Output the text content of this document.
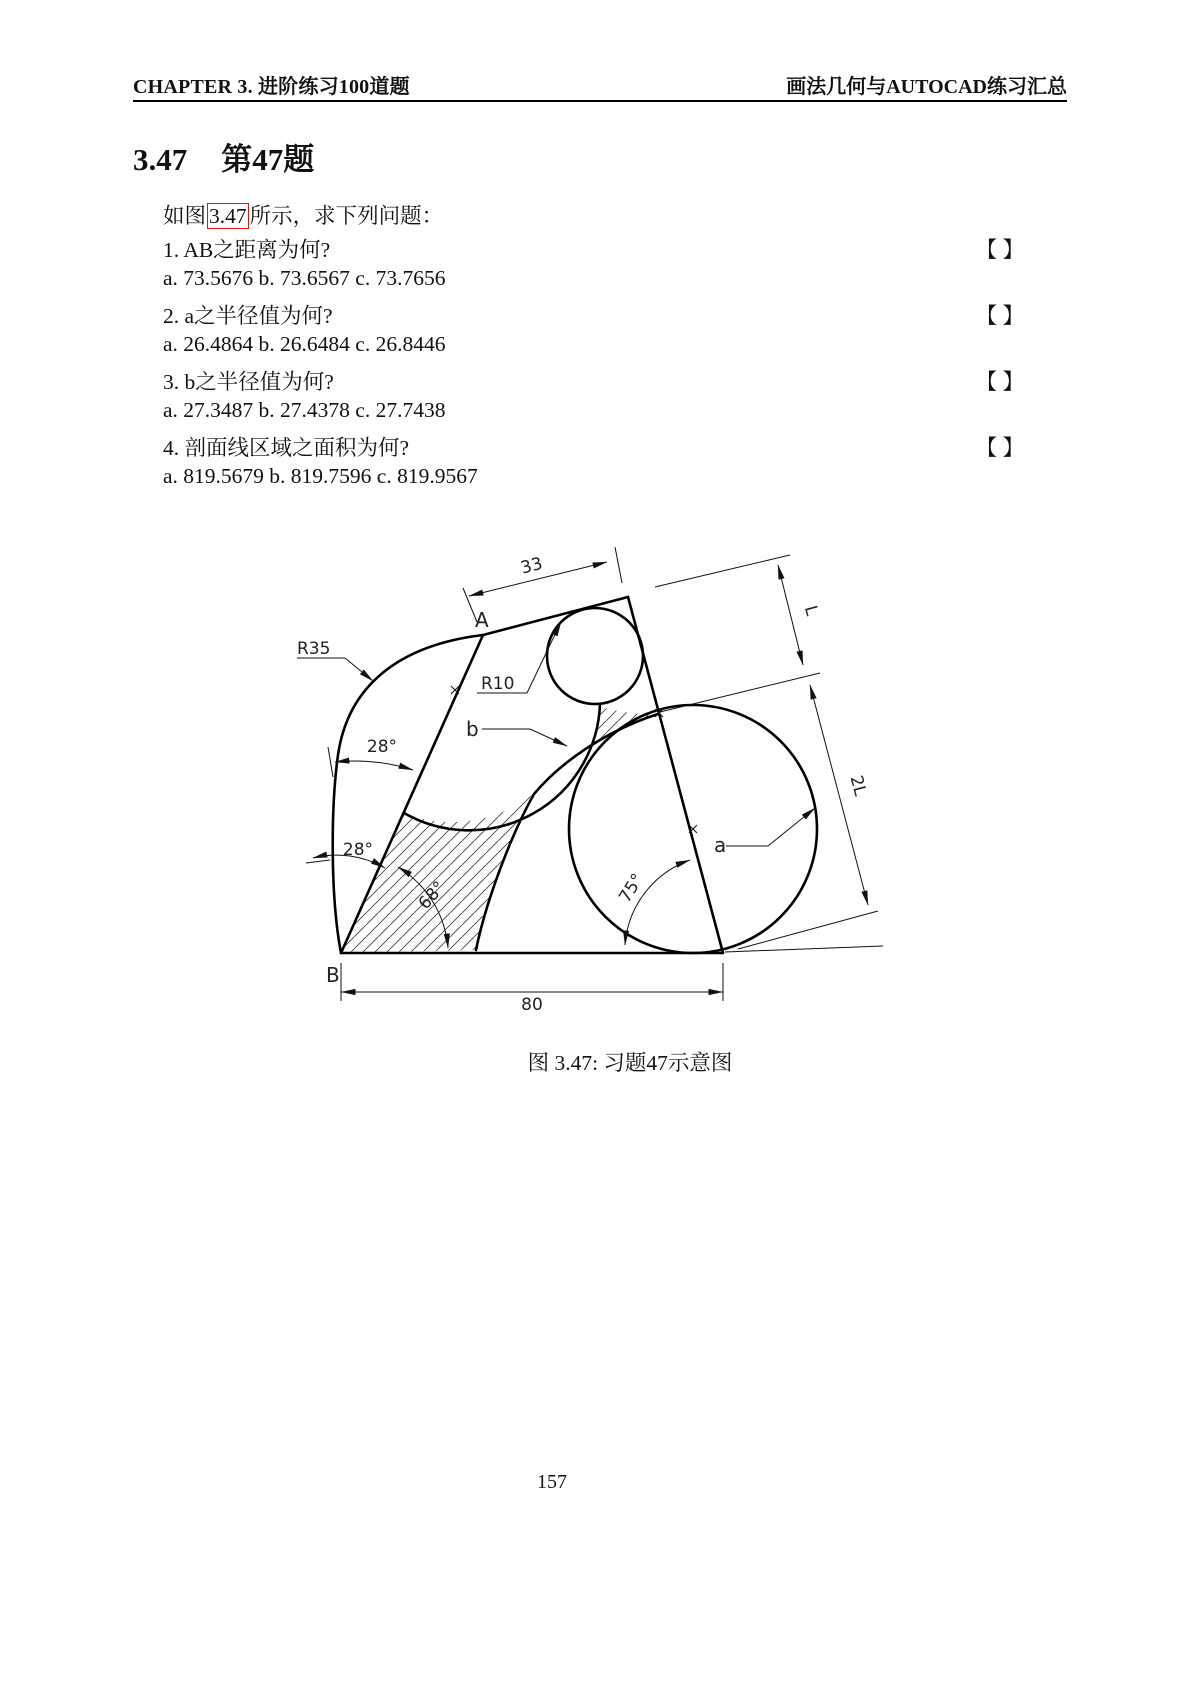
CHAPTER 3. 进阶练习100道题	画法几何与AUTOCAD练习汇总
3.47 第47题
如图 3.47 所示，求下列问题：
1. AB之距离为何?	【 】
a. 73.5676 b. 73.6567 c. 73.7656
2. a之半径值为何?	【 】
a. 26.4864 b. 26.6484 c. 26.8446
3. b之半径值为何?	【 】
a. 27.3487 b. 27.4378 c. 27.7438
4. 剖面线区域之面积为何?	【 】
a. 819.5679 b. 819.7596 c. 819.9567
33
L
2L
80
R35
R10
28°
28°
68°	75°
a
b
A
B
图 3.47: 习题47示意图
157
